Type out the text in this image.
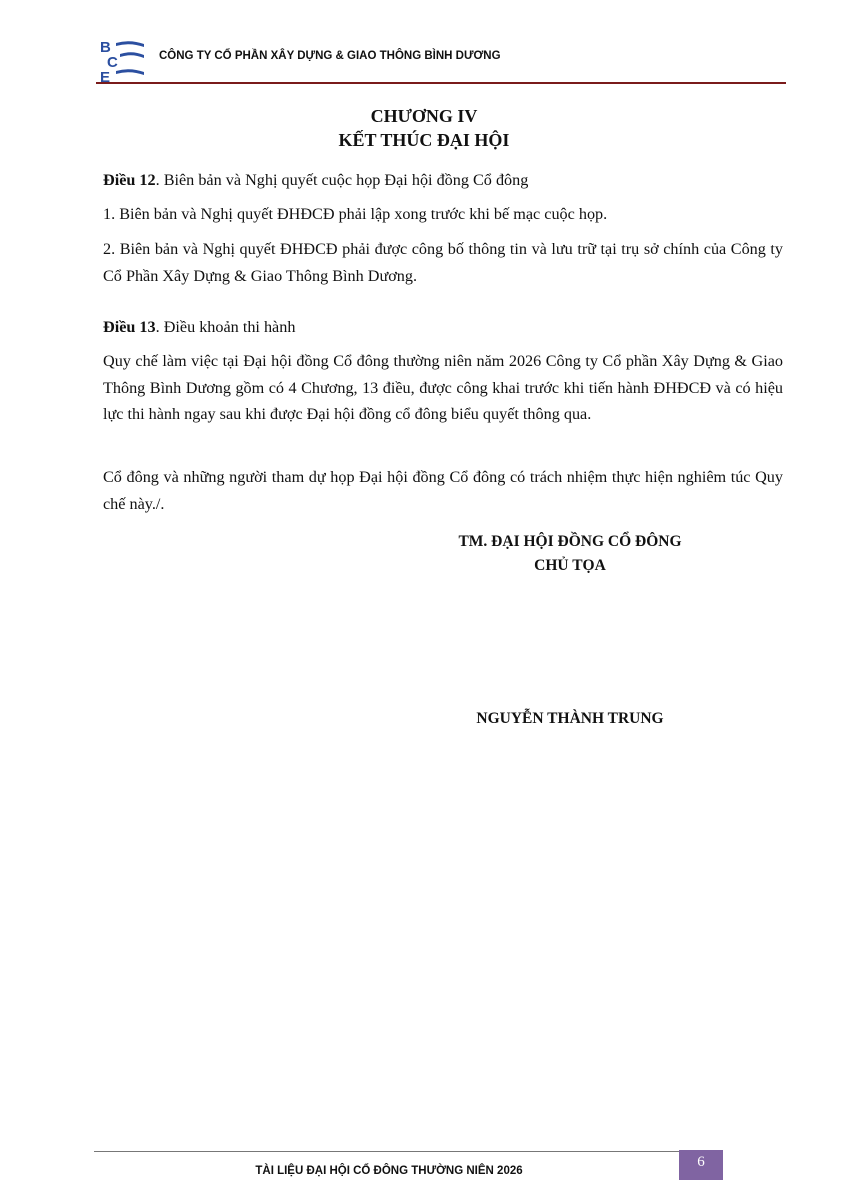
B
C
E
CÔNG TY CỔ PHẦN XÂY DỰNG & GIAO THÔNG BÌNH DƯƠNG
CHƯƠNG IV
KẾT THÚC ĐẠI HỘI
Điều 12. Biên bản và Nghị quyết cuộc họp Đại hội đồng Cổ đông
1. Biên bản và Nghị quyết ĐHĐCĐ phải lập xong trước khi bế mạc cuộc họp.
2. Biên bản và Nghị quyết ĐHĐCĐ phải được công bố thông tin và lưu trữ tại trụ sở chính của Công ty Cổ Phần Xây Dựng & Giao Thông Bình Dương.
Điều 13. Điều khoản thi hành
Quy chế làm việc tại Đại hội đồng Cổ đông thường niên năm 2026 Công ty Cổ phần Xây Dựng & Giao Thông Bình Dương gồm có 4 Chương, 13 điều, được công khai trước khi tiến hành ĐHĐCĐ và có hiệu lực thi hành ngay sau khi được Đại hội đồng cổ đông biểu quyết thông qua.
Cổ đông và những người tham dự họp Đại hội đồng Cổ đông có trách nhiệm thực hiện nghiêm túc Quy chế này./.
TM. ĐẠI HỘI ĐỒNG CỔ ĐÔNG
CHỦ TỌA
NGUYỄN THÀNH TRUNG
TÀI LIỆU ĐẠI HỘI CỔ ĐÔNG THƯỜNG NIÊN 2026
6
